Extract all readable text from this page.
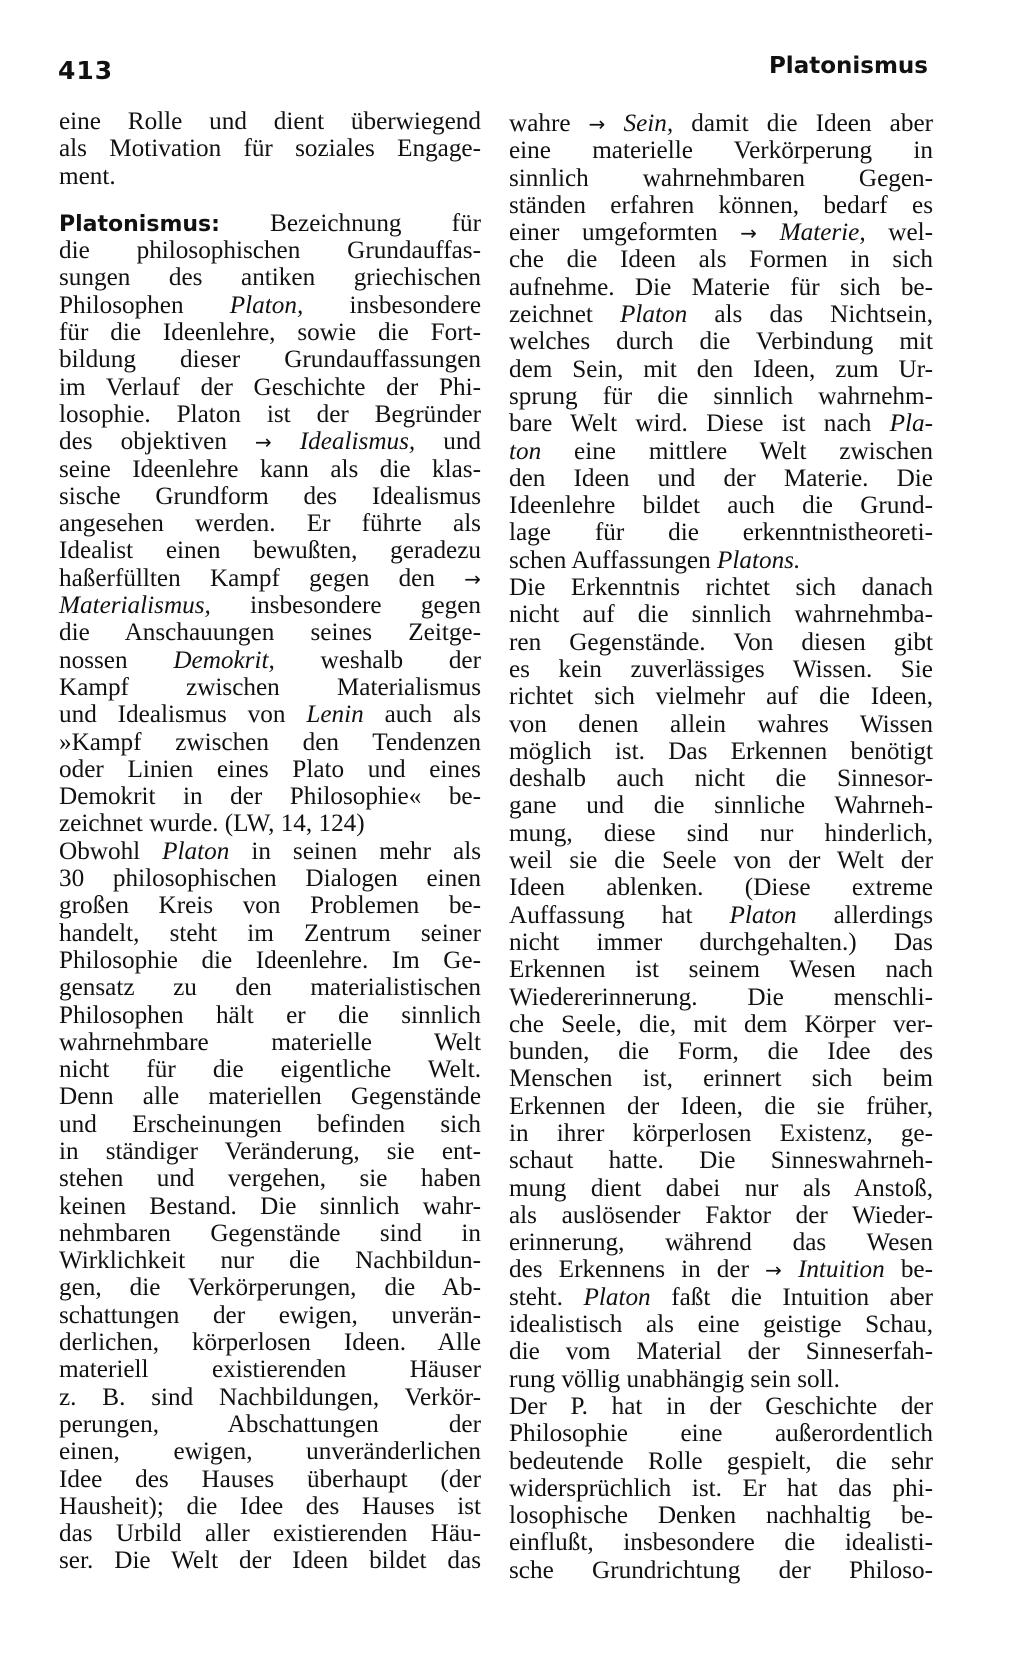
413	Platonismus
eine Rolle und dient überwiegend
als Motivation für soziales Engage-
ment.
Platonismus: Bezeichnung für
die philosophischen Grundauffas-
sungen des antiken griechischen
Philosophen Platon, insbesondere
für die Ideenlehre, sowie die Fort-
bildung dieser Grundauffassungen
im Verlauf der Geschichte der Phi-
losophie. Platon ist der Begründer
des objektiven → Idealismus, und
seine Ideenlehre kann als die klas-
sische Grundform des Idealismus
angesehen werden. Er führte als
Idealist einen bewußten, geradezu
haßerfüllten Kampf gegen den →
Materialismus, insbesondere gegen
die Anschauungen seines Zeitge-
nossen Demokrit, weshalb der
Kampf zwischen Materialismus
und Idealismus von Lenin auch als
»Kampf zwischen den Tendenzen
oder Linien eines Plato und eines
Demokrit in der Philosophie« be-
zeichnet wurde. (LW, 14, 124)
Obwohl Platon in seinen mehr als
30 philosophischen Dialogen einen
großen Kreis von Problemen be-
handelt, steht im Zentrum seiner
Philosophie die Ideenlehre. Im Ge-
gensatz zu den materialistischen
Philosophen hält er die sinnlich
wahrnehmbare materielle Welt
nicht für die eigentliche Welt.
Denn alle materiellen Gegenstände
und Erscheinungen befinden sich
in ständiger Veränderung, sie ent-
stehen und vergehen, sie haben
keinen Bestand. Die sinnlich wahr-
nehmbaren Gegenstände sind in
Wirklichkeit nur die Nachbildun-
gen, die Verkörperungen, die Ab-
schattungen der ewigen, unverän-
derlichen, körperlosen Ideen. Alle
materiell existierenden Häuser
z. B. sind Nachbildungen, Verkör-
perungen, Abschattungen der
einen, ewigen, unveränderlichen
Idee des Hauses überhaupt (der
Hausheit); die Idee des Hauses ist
das Urbild aller existierenden Häu-
ser. Die Welt der Ideen bildet das
wahre → Sein, damit die Ideen aber
eine materielle Verkörperung in
sinnlich wahrnehmbaren Gegen-
ständen erfahren können, bedarf es
einer umgeformten → Materie, wel-
che die Ideen als Formen in sich
aufnehme. Die Materie für sich be-
zeichnet Platon als das Nichtsein,
welches durch die Verbindung mit
dem Sein, mit den Ideen, zum Ur-
sprung für die sinnlich wahrnehm-
bare Welt wird. Diese ist nach Pla-
ton eine mittlere Welt zwischen
den Ideen und der Materie. Die
Ideenlehre bildet auch die Grund-
lage für die erkenntnistheoreti-
schen Auffassungen Platons.
Die Erkenntnis richtet sich danach
nicht auf die sinnlich wahrnehmba-
ren Gegenstände. Von diesen gibt
es kein zuverlässiges Wissen. Sie
richtet sich vielmehr auf die Ideen,
von denen allein wahres Wissen
möglich ist. Das Erkennen benötigt
deshalb auch nicht die Sinnesor-
gane und die sinnliche Wahrneh-
mung, diese sind nur hinderlich,
weil sie die Seele von der Welt der
Ideen ablenken. (Diese extreme
Auffassung hat Platon allerdings
nicht immer durchgehalten.) Das
Erkennen ist seinem Wesen nach
Wiedererinnerung. Die menschli-
che Seele, die, mit dem Körper ver-
bunden, die Form, die Idee des
Menschen ist, erinnert sich beim
Erkennen der Ideen, die sie früher,
in ihrer körperlosen Existenz, ge-
schaut hatte. Die Sinneswahrneh-
mung dient dabei nur als Anstoß,
als auslösender Faktor der Wieder-
erinnerung, während das Wesen
des Erkennens in der → Intuition be-
steht. Platon faßt die Intuition aber
idealistisch als eine geistige Schau,
die vom Material der Sinneserfah-
rung völlig unabhängig sein soll.
Der P. hat in der Geschichte der
Philosophie eine außerordentlich
bedeutende Rolle gespielt, die sehr
widersprüchlich ist. Er hat das phi-
losophische Denken nachhaltig be-
einflußt, insbesondere die idealisti-
sche Grundrichtung der Philoso-
